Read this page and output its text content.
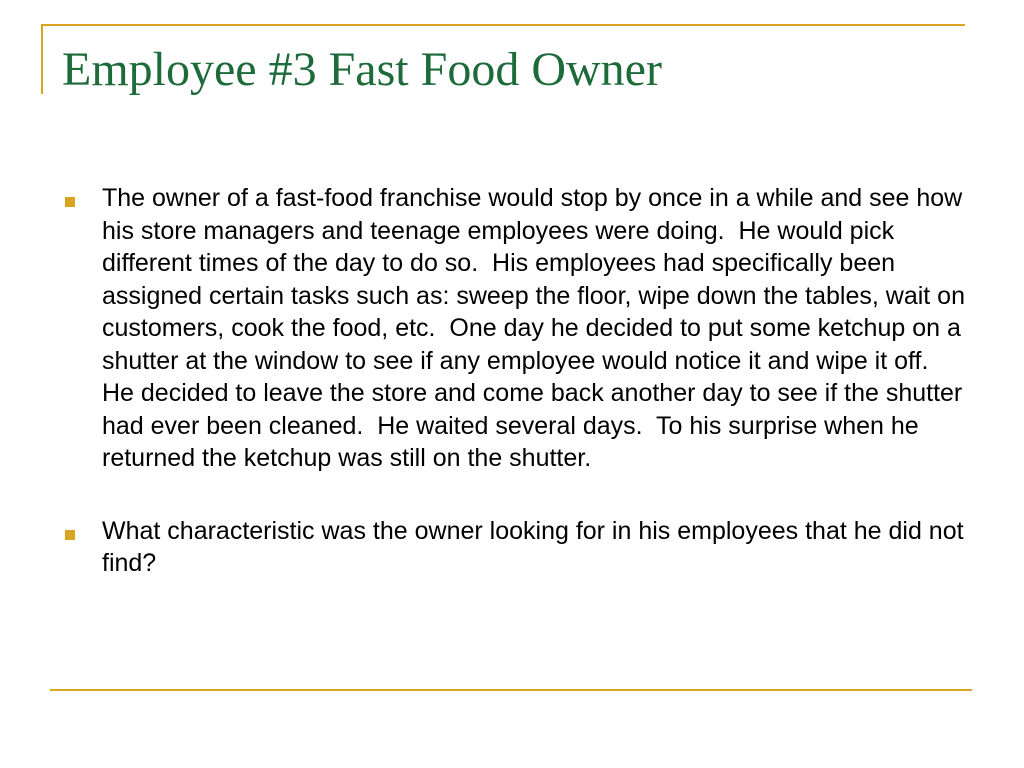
Employee #3 Fast Food Owner
The owner of a fast-food franchise would stop by once in a while and see how his store managers and teenage employees were doing.  He would pick different times of the day to do so.  His employees had specifically been assigned certain tasks such as: sweep the floor, wipe down the tables, wait on customers, cook the food, etc.  One day he decided to put some ketchup on a shutter at the window to see if any employee would notice it and wipe it off.  He decided to leave the store and come back another day to see if the shutter had ever been cleaned.  He waited several days.  To his surprise when he returned the ketchup was still on the shutter.
What characteristic was the owner looking for in his employees that he did not find?
